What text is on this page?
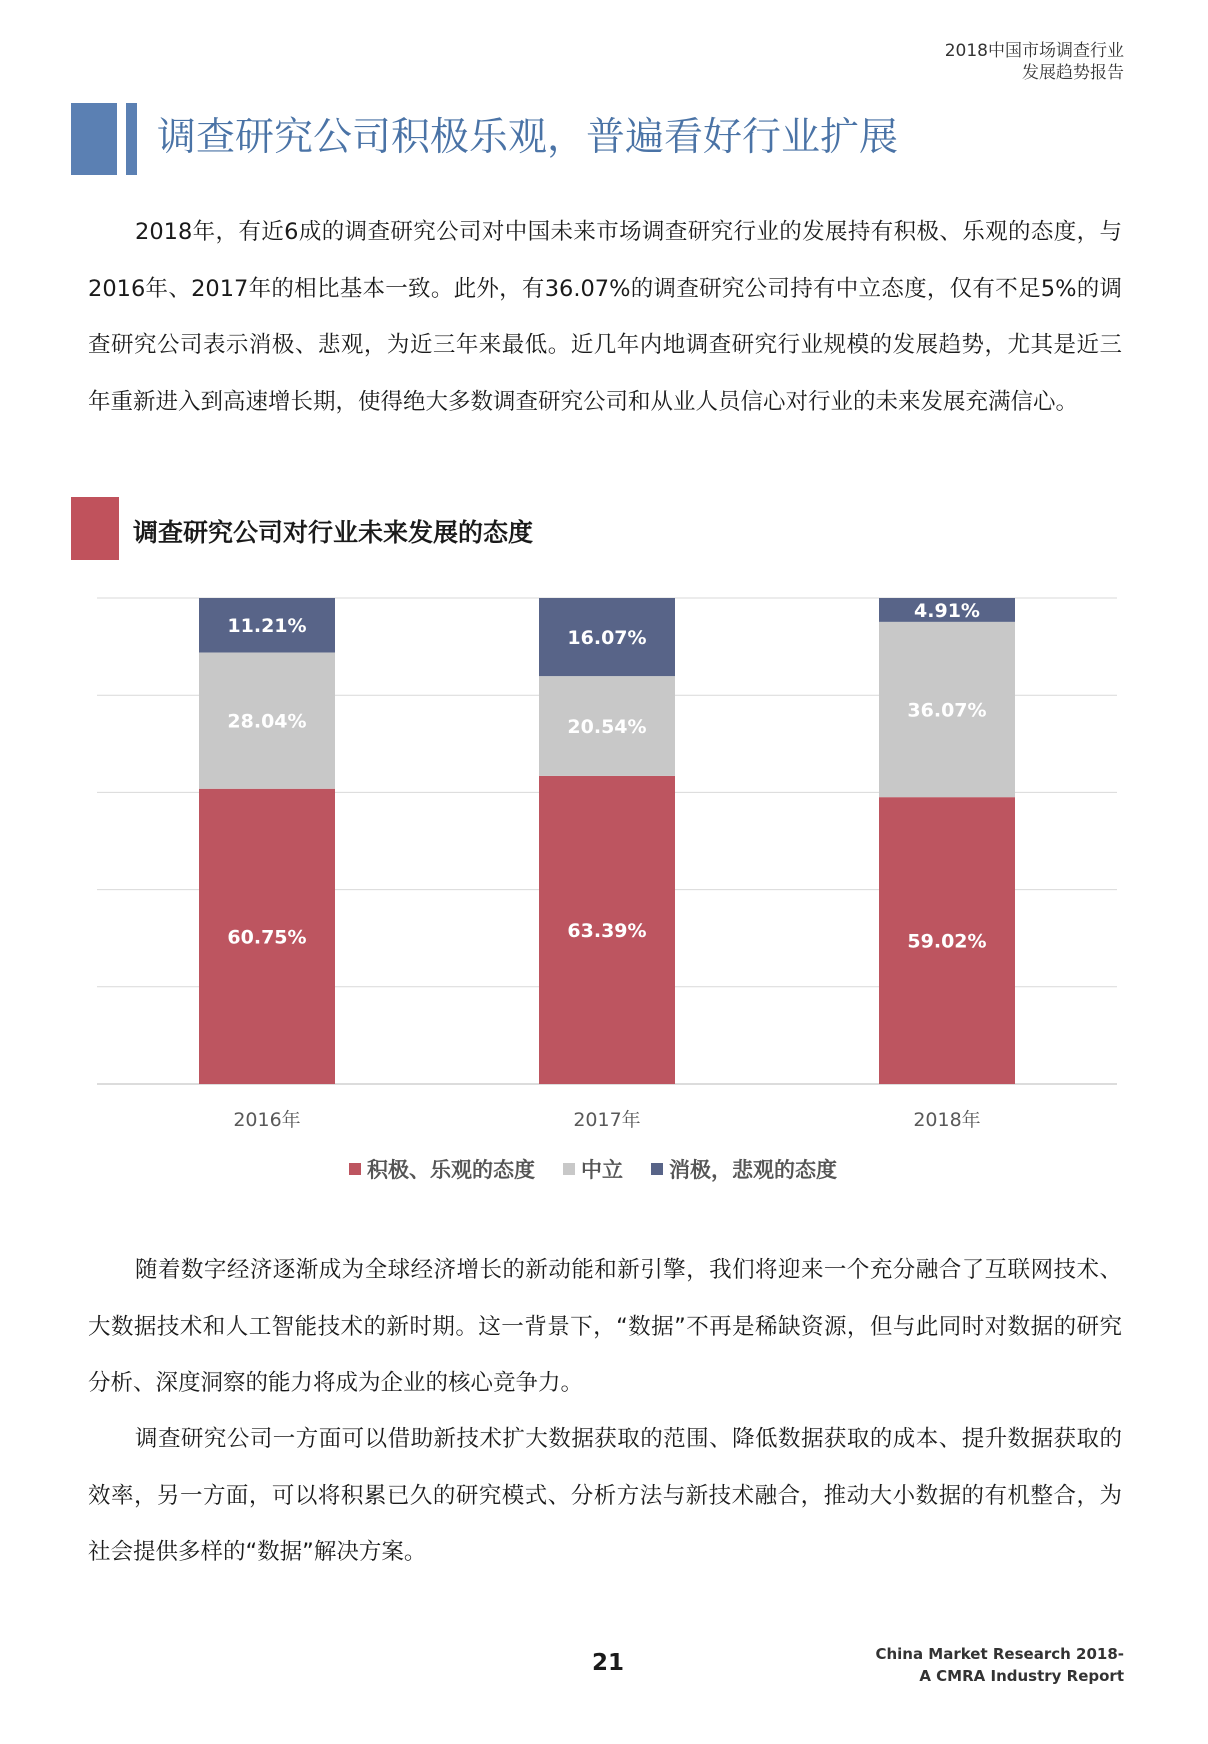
2018中国市场调查行业
发展趋势报告
调查研究公司积极乐观，普遍看好行业扩展

2018年，有近6成的调查研究公司对中国未来市场调查研究行业的发展持有积极、乐观的态度，与2016年、2017年的相比基本一致。此外，有36.07%的调查研究公司持有中立态度，仅有不足5%的调查研究公司表示消极、悲观，为近三年来最低。近几年内地调查研究行业规模的发展趋势，尤其是近三年重新进入到高速增长期，使得绝大多数调查研究公司和从业人员信心对行业的未来发展充满信心。

调查研究公司对行业未来发展的态度
60.75%
28.04%
11.21%
2016年
63.39%
20.54%
16.07%
2017年
59.02%
36.07%
4.91%
2018年
积极、乐观的态度 中立 消极，悲观的态度

随着数字经济逐渐成为全球经济增长的新动能和新引擎，我们将迎来一个充分融合了互联网技术、大数据技术和人工智能技术的新时期。这一背景下，“数据”不再是稀缺资源，但与此同时对数据的研究分析、深度洞察的能力将成为企业的核心竞争力。

调查研究公司一方面可以借助新技术扩大数据获取的范围、降低数据获取的成本、提升数据获取的效率，另一方面，可以将积累已久的研究模式、分析方法与新技术融合，推动大小数据的有机整合，为社会提供多样的“数据”解决方案。

21	China Market Research 2018-
A CMRA Industry Report
